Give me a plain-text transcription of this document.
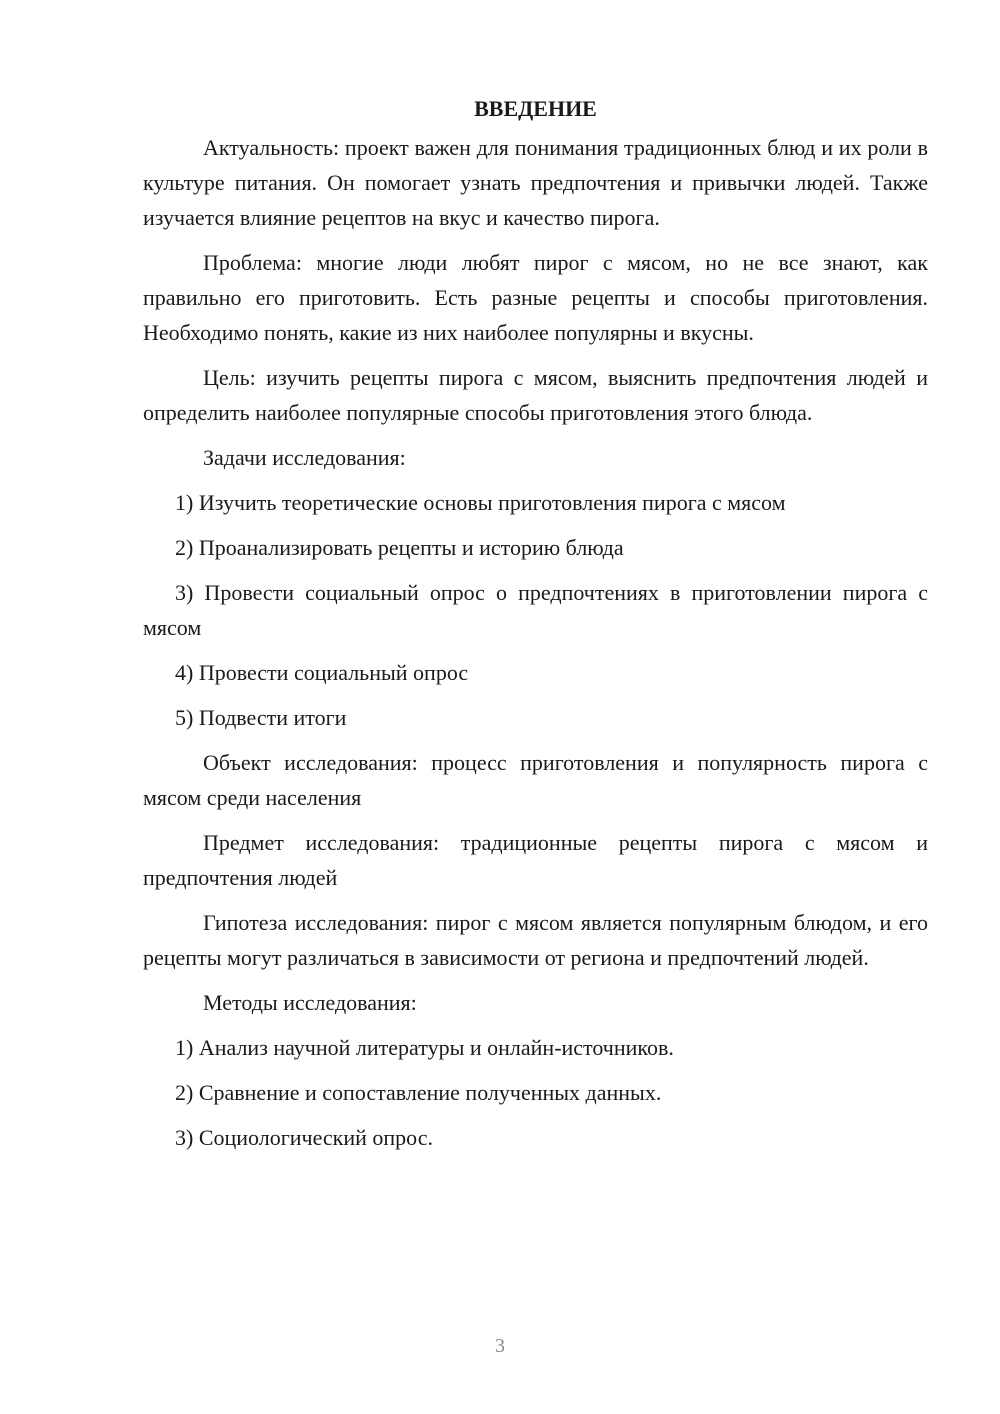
ВВЕДЕНИЕ

Актуальность: проект важен для понимания традиционных блюд и их роли в культуре питания. Он помогает узнать предпочтения и привычки людей. Также изучается влияние рецептов на вкус и качество пирога.

Проблема: многие люди любят пирог с мясом, но не все знают, как правильно его приготовить. Есть разные рецепты и способы приготовления. Необходимо понять, какие из них наиболее популярны и вкусны.

Цель: изучить рецепты пирога с мясом, выяснить предпочтения людей и определить наиболее популярные способы приготовления этого блюда.

Задачи исследования:

1) Изучить теоретические основы приготовления пирога с мясом

2) Проанализировать рецепты и историю блюда

3) Провести социальный опрос о предпочтениях в приготовлении пирога с мясом

4) Провести социальный опрос

5) Подвести итоги

Объект исследования: процесс приготовления и популярность пирога с мясом среди населения

Предмет исследования: традиционные рецепты пирога с мясом и предпочтения людей

Гипотеза исследования: пирог с мясом является популярным блюдом, и его рецепты могут различаться в зависимости от региона и предпочтений людей.

Методы исследования:

1) Анализ научной литературы и онлайн-источников.

2) Сравнение и сопоставление полученных данных.

3) Социологический опрос.

3
